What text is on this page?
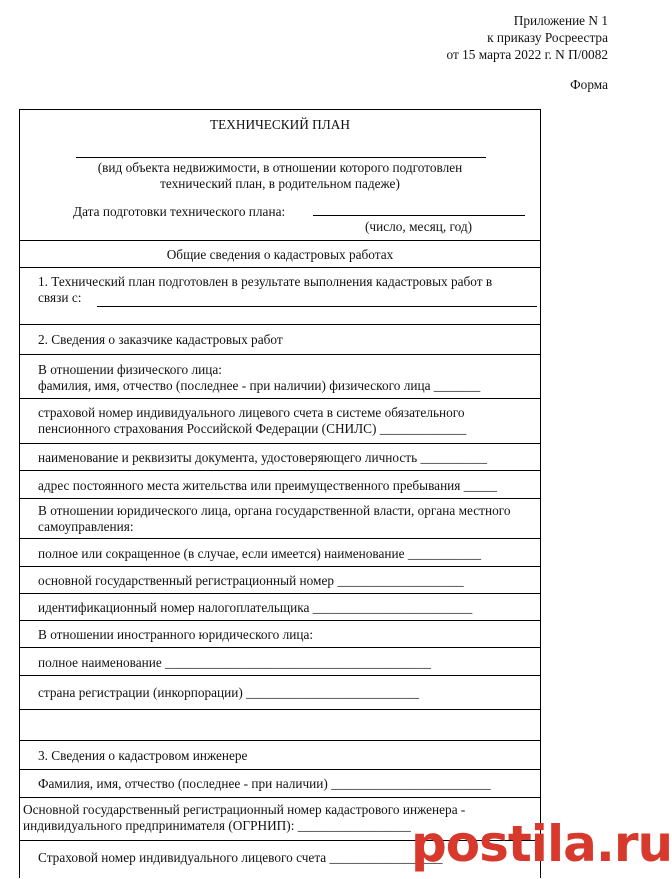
Приложение N 1
к приказу Росреестра
от 15 марта 2022 г. N П/0082
Форма
ТЕХНИЧЕСКИЙ ПЛАН
(вид объекта недвижимости, в отношении которого подготовлен
технический план, в родительном падеже)
Дата подготовки технического плана:
(число, месяц, год)
Общие сведения о кадастровых работах
1. Технический план подготовлен в результате выполнения кадастровых работ в
связи с:
2. Сведения о заказчике кадастровых работ
В отношении физического лица:
фамилия, имя, отчество (последнее - при наличии) физического лица _______
страховой номер индивидуального лицевого счета в системе обязательного
пенсионного страхования Российской Федерации (СНИЛС) _____________
наименование и реквизиты документа, удостоверяющего личность __________
адрес постоянного места жительства или преимущественного пребывания _____
В отношении юридического лица, органа государственной власти, органа местного
самоуправления:
полное или сокращенное (в случае, если имеется) наименование ___________
основной государственный регистрационный номер ___________________
идентификационный номер налогоплательщика ________________________
В отношении иностранного юридического лица:
полное наименование ________________________________________
страна регистрации (инкорпорации) __________________________
3. Сведения о кадастровом инженере
Фамилия, имя, отчество (последнее - при наличии) ________________________
Основной государственный регистрационный номер кадастрового инженера -
индивидуального предпринимателя (ОГРНИП): _________________
Страховой номер индивидуального лицевого счета _________________
postila.ru
